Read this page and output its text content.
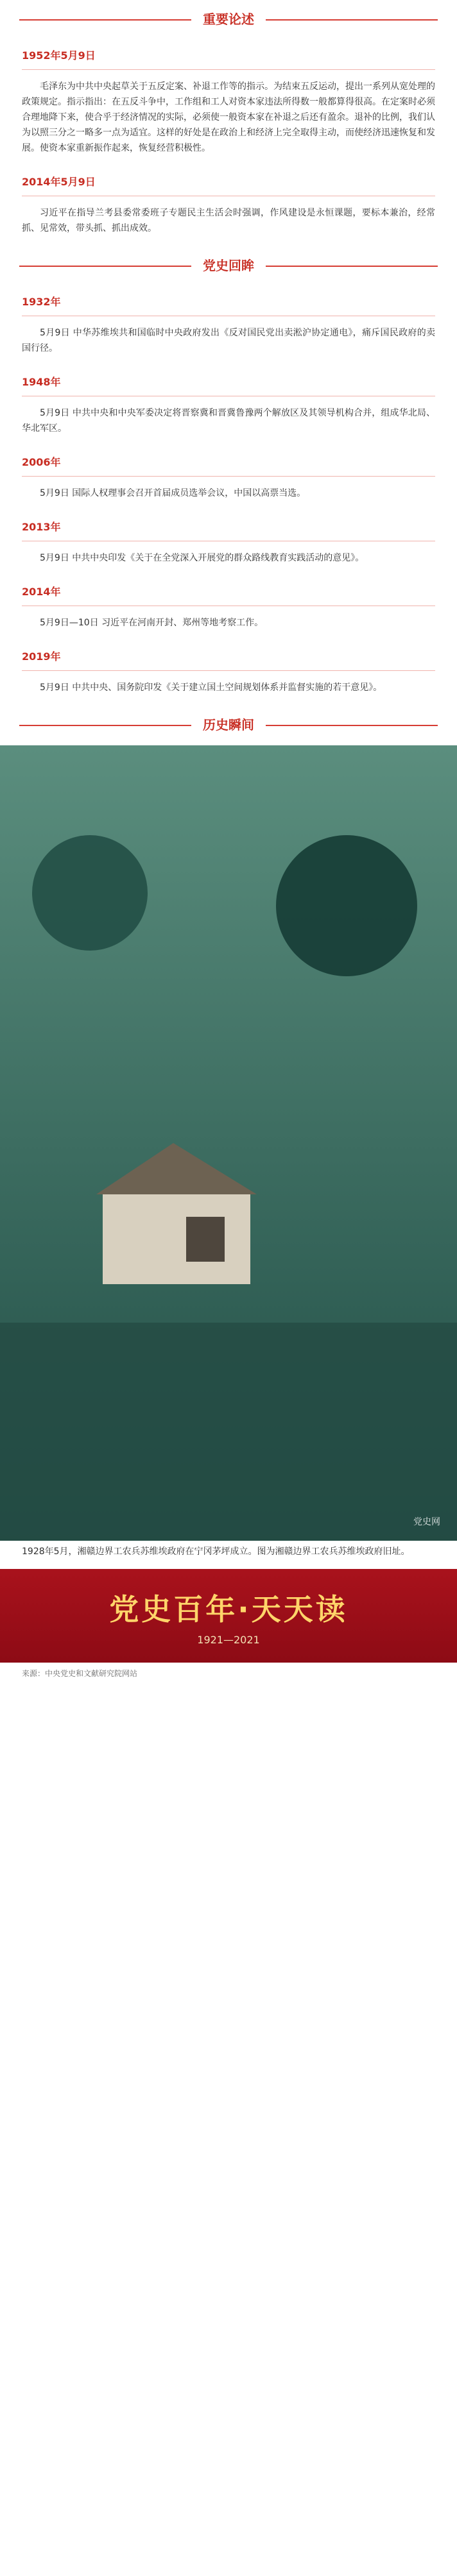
重要论述
1952年5月9日

毛泽东为中共中央起草关于五反定案、补退工作等的指示。为结束五反运动，提出一系列从宽处理的政策规定。指示指出：在五反斗争中，工作组和工人对资本家违法所得数一般都算得很高。在定案时必须合理地降下来，使合乎于经济情况的实际，必须使一般资本家在补退之后还有盈余。退补的比例，我们认为以照三分之一略多一点为适宜。这样的好处是在政治上和经济上完全取得主动，而使经济迅速恢复和发展。使资本家重新振作起来，恢复经营积极性。

2014年5月9日

习近平在指导兰考县委常委班子专题民主生活会时强调，作风建设是永恒课题，要标本兼治，经常抓、见常效，带头抓、抓出成效。

党史回眸
1932年

5月9日 中华苏维埃共和国临时中央政府发出《反对国民党出卖淞沪协定通电》，痛斥国民政府的卖国行径。

1948年

5月9日 中共中央和中央军委决定将晋察冀和晋冀鲁豫两个解放区及其领导机构合并，组成华北局、华北军区。

2006年

5月9日 国际人权理事会召开首届成员选举会议，中国以高票当选。

2013年

5月9日 中共中央印发《关于在全党深入开展党的群众路线教育实践活动的意见》。

2014年

5月9日—10日 习近平在河南开封、郑州等地考察工作。

2019年

5月9日 中共中央、国务院印发《关于建立国土空间规划体系并监督实施的若干意见》。

历史瞬间
党史网
1928年5月，湘赣边界工农兵苏维埃政府在宁冈茅坪成立。图为湘赣边界工农兵苏维埃政府旧址。
党史百年·天天读
1921—2021
来源：中央党史和文献研究院网站
